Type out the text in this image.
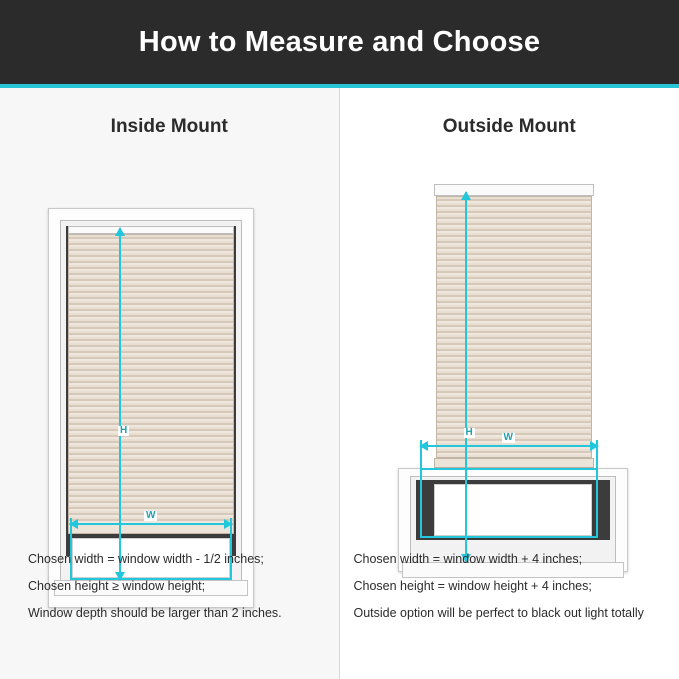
How to Measure and Choose
Inside Mount
H
W
Chosen width = window width - 1/2 inches;
Chosen height ≥ window height;
Window depth should be larger than 2 inches.
Outside Mount
H	W
Chosen width = window width + 4 inches;
Chosen height = window height + 4 inches;
Outside option will be perfect to black out light totally
